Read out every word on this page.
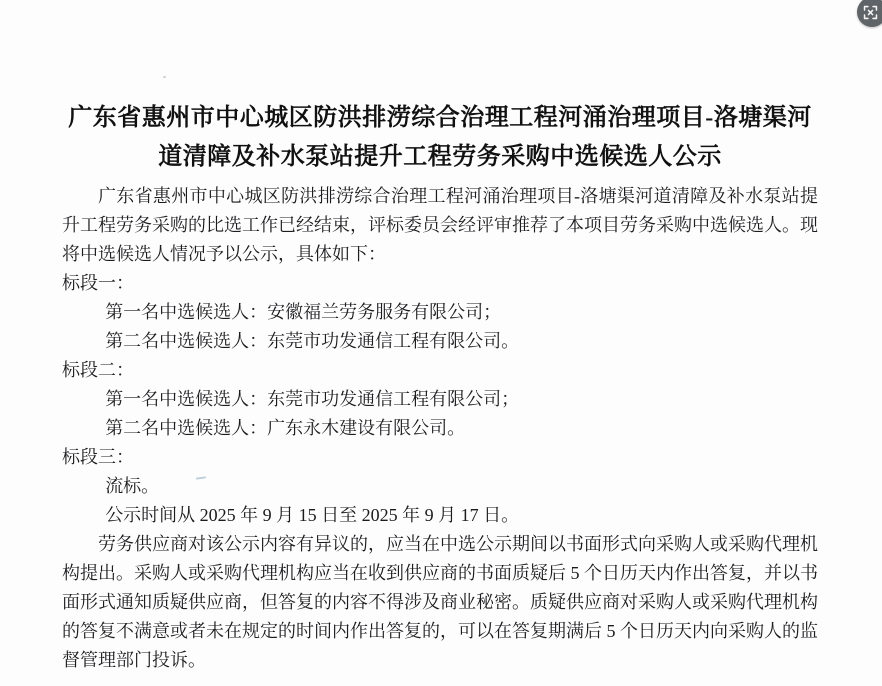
广东省惠州市中心城区防洪排涝综合治理工程河涌治理项目-洛塘渠河道清障及补水泵站提升工程劳务采购中选候选人公示

广东省惠州市中心城区防洪排涝综合治理工程河涌治理项目-洛塘渠河道清障及补水泵站提升工程劳务采购的比选工作已经结束，评标委员会经评审推荐了本项目劳务采购中选候选人。现将中选候选人情况予以公示，具体如下：

标段一：

第一名中选候选人：安徽福兰劳务服务有限公司；

第二名中选候选人：东莞市功发通信工程有限公司。

标段二：

第一名中选候选人：东莞市功发通信工程有限公司；

第二名中选候选人：广东永木建设有限公司。

标段三：

流标。

公示时间从 2025 年 9 月 15 日至 2025 年 9 月 17 日。

劳务供应商对该公示内容有异议的，应当在中选公示期间以书面形式向采购人或采购代理机构提出。采购人或采购代理机构应当在收到供应商的书面质疑后 5 个日历天内作出答复，并以书面形式通知质疑供应商，但答复的内容不得涉及商业秘密。质疑供应商对采购人或采购代理机构的答复不满意或者未在规定的时间内作出答复的，可以在答复期满后 5 个日历天内向采购人的监督管理部门投诉。
